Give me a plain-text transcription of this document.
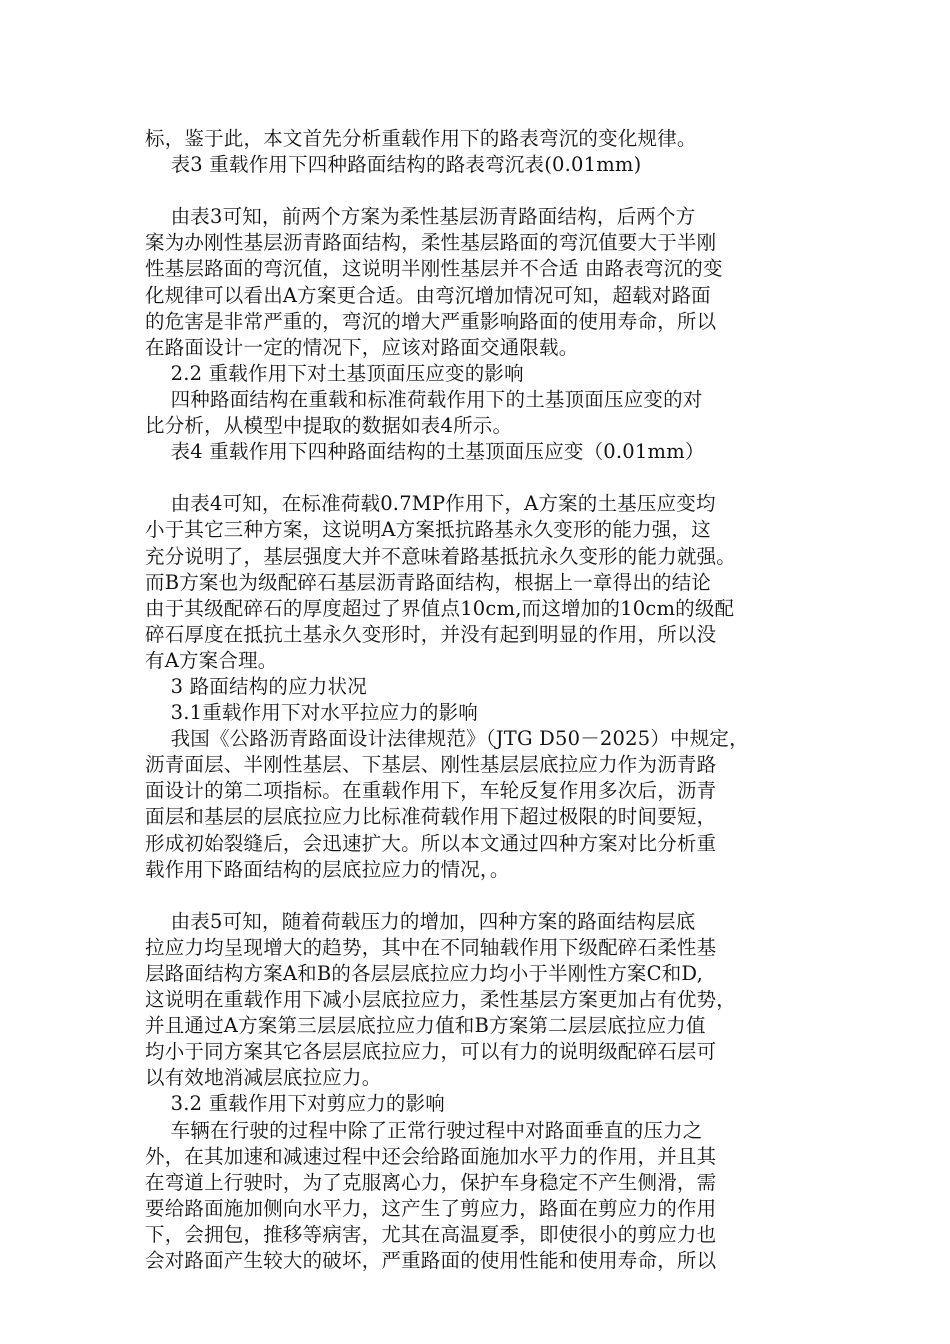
标，鉴于此，本文首先分析重载作用下的路表弯沉的变化规律。
表3 重载作用下四种路面结构的路表弯沉表(0.01mm)
由表3可知，前两个方案为柔性基层沥青路面结构，后两个方
案为办刚性基层沥青路面结构，柔性基层路面的弯沉值要大于半刚
性基层路面的弯沉值，这说明半刚性基层并不合适 由路表弯沉的变
化规律可以看出A方案更合适。由弯沉增加情况可知，超载对路面
的危害是非常严重的，弯沉的增大严重影响路面的使用寿命，所以
在路面设计一定的情况下，应该对路面交通限载。
2.2 重载作用下对土基顶面压应变的影响
四种路面结构在重载和标准荷载作用下的土基顶面压应变的对
比分析，从模型中提取的数据如表4所示。
表4 重载作用下四种路面结构的土基顶面压应变（0.01mm）
由表4可知，在标准荷载0.7MP作用下，A方案的土基压应变均
小于其它三种方案，这说明A方案抵抗路基永久变形的能力强，这
充分说明了，基层强度大并不意味着路基抵抗永久变形的能力就强。
而B方案也为级配碎石基层沥青路面结构，根据上一章得出的结论
由于其级配碎石的厚度超过了界值点10cm,而这增加的10cm的级配
碎石厚度在抵抗土基永久变形时，并没有起到明显的作用，所以没
有A方案合理。
3 路面结构的应力状况
3.1重载作用下对水平拉应力的影响
我国《公路沥青路面设计法律规范》（JTG D50－2025）中规定，
沥青面层、半刚性基层、下基层、刚性基层层底拉应力作为沥青路
面设计的第二项指标。在重载作用下，车轮反复作用多次后，沥青
面层和基层的层底拉应力比标准荷载作用下超过极限的时间要短，
形成初始裂缝后，会迅速扩大。所以本文通过四种方案对比分析重
载作用下路面结构的层底拉应力的情况，。
由表5可知，随着荷载压力的增加，四种方案的路面结构层底
拉应力均呈现增大的趋势，其中在不同轴载作用下级配碎石柔性基
层路面结构方案A和B的各层层底拉应力均小于半刚性方案C和D,
这说明在重载作用下减小层底拉应力，柔性基层方案更加占有优势，
并且通过A方案第三层层底拉应力值和B方案第二层层底拉应力值
均小于同方案其它各层层底拉应力，可以有力的说明级配碎石层可
以有效地消减层底拉应力。
3.2 重载作用下对剪应力的影响
车辆在行驶的过程中除了正常行驶过程中对路面垂直的压力之
外，在其加速和减速过程中还会给路面施加水平力的作用，并且其
在弯道上行驶时，为了克服离心力，保护车身稳定不产生侧滑，需
要给路面施加侧向水平力，这产生了剪应力，路面在剪应力的作用
下，会拥包，推移等病害，尤其在高温夏季，即使很小的剪应力也
会对路面产生较大的破坏，严重路面的使用性能和使用寿命，所以
